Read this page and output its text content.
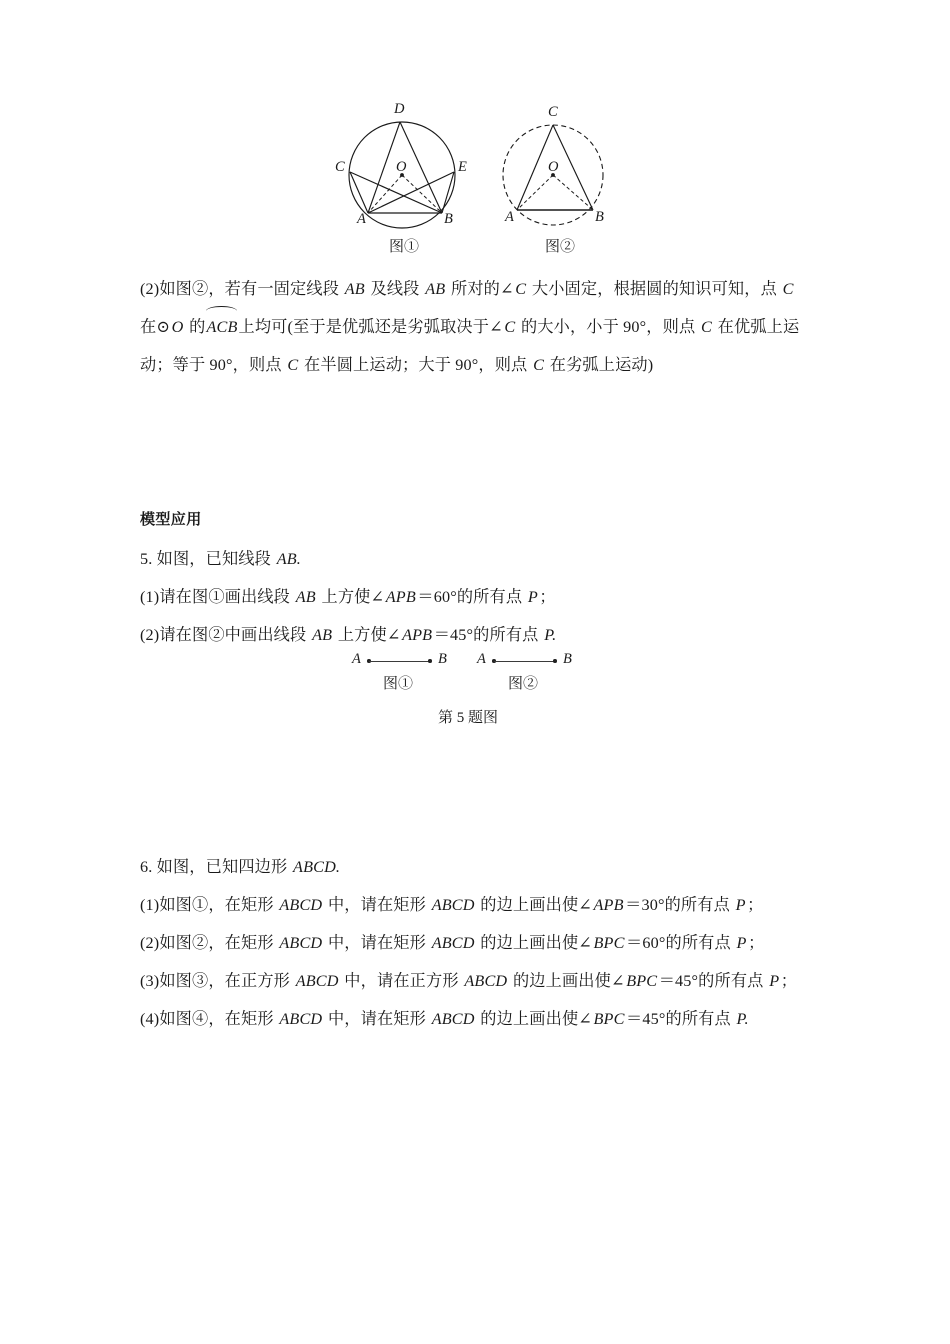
D
C	O	E
A	B
图①
C
O
A	B
图②
(2)如图②，若有一固定线段 AB 及线段 AB 所对的∠C 大小固定，根据圆的知识可知，点 C
在⊙O 的ACB
上均可(至于是优弧还是劣弧取决于∠C 的大小，小于 90°，则点 C 在优弧上运
动；等于 90°，则点 C 在半圆上运动；大于 90°，则点 C 在劣弧上运动)
模型应用
5. 如图，已知线段 AB.
(1)请在图①画出线段 AB 上方使∠APB＝60°的所有点 P；
(2)请在图②中画出线段 AB 上方使∠APB＝45°的所有点 P.
6. 如图，已知四边形 ABCD.
(1)如图①，在矩形 ABCD 中，请在矩形 ABCD 的边上画出使∠APB＝30°的所有点 P；
(2)如图②，在矩形 ABCD 中，请在矩形 ABCD 的边上画出使∠BPC＝60°的所有点 P；
(3)如图③，在正方形 ABCD 中，请在正方形 ABCD 的边上画出使∠BPC＝45°的所有点 P；
(4)如图④，在矩形 ABCD 中，请在矩形 ABCD 的边上画出使∠BPC＝45°的所有点 P.
A	B
图①
A	B
图②
第 5 题图
